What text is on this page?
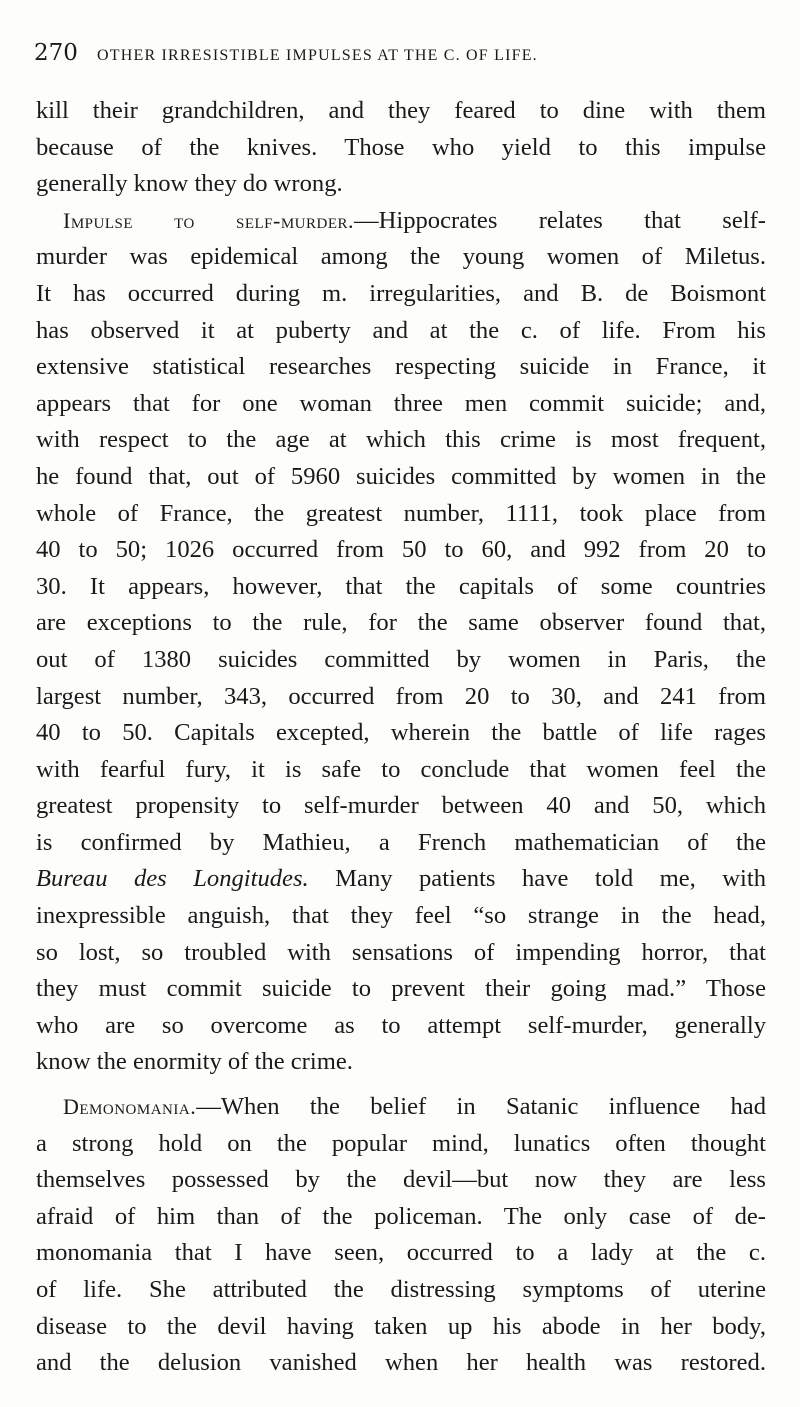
270 OTHER IRRESISTIBLE IMPULSES AT THE C. OF LIFE.
kill their grandchildren, and they feared to dine with them
because of the knives. Those who yield to this impulse
generally know they do wrong.
Impulse to self-murder.—Hippocrates relates that self-
murder was epidemical among the young women of Miletus.
It has occurred during m. irregularities, and B. de Boismont
has observed it at puberty and at the c. of life. From his
extensive statistical researches respecting suicide in France, it
appears that for one woman three men commit suicide; and,
with respect to the age at which this crime is most frequent,
he found that, out of 5960 suicides committed by women in the
whole of France, the greatest number, 1111, took place from
40 to 50; 1026 occurred from 50 to 60, and 992 from 20 to
30. It appears, however, that the capitals of some countries
are exceptions to the rule, for the same observer found that,
out of 1380 suicides committed by women in Paris, the
largest number, 343, occurred from 20 to 30, and 241 from
40 to 50. Capitals excepted, wherein the battle of life rages
with fearful fury, it is safe to conclude that women feel the
greatest propensity to self-murder between 40 and 50, which
is confirmed by Mathieu, a French mathematician of the
Bureau des Longitudes. Many patients have told me, with
inexpressible anguish, that they feel “so strange in the head,
so lost, so troubled with sensations of impending horror, that
they must commit suicide to prevent their going mad.” Those
who are so overcome as to attempt self-murder, generally
know the enormity of the crime.
Demonomania.—When the belief in Satanic influence had
a strong hold on the popular mind, lunatics often thought
themselves possessed by the devil—but now they are less
afraid of him than of the policeman. The only case of de-
monomania that I have seen, occurred to a lady at the c.
of life. She attributed the distressing symptoms of uterine
disease to the devil having taken up his abode in her body,
and the delusion vanished when her health was restored.
